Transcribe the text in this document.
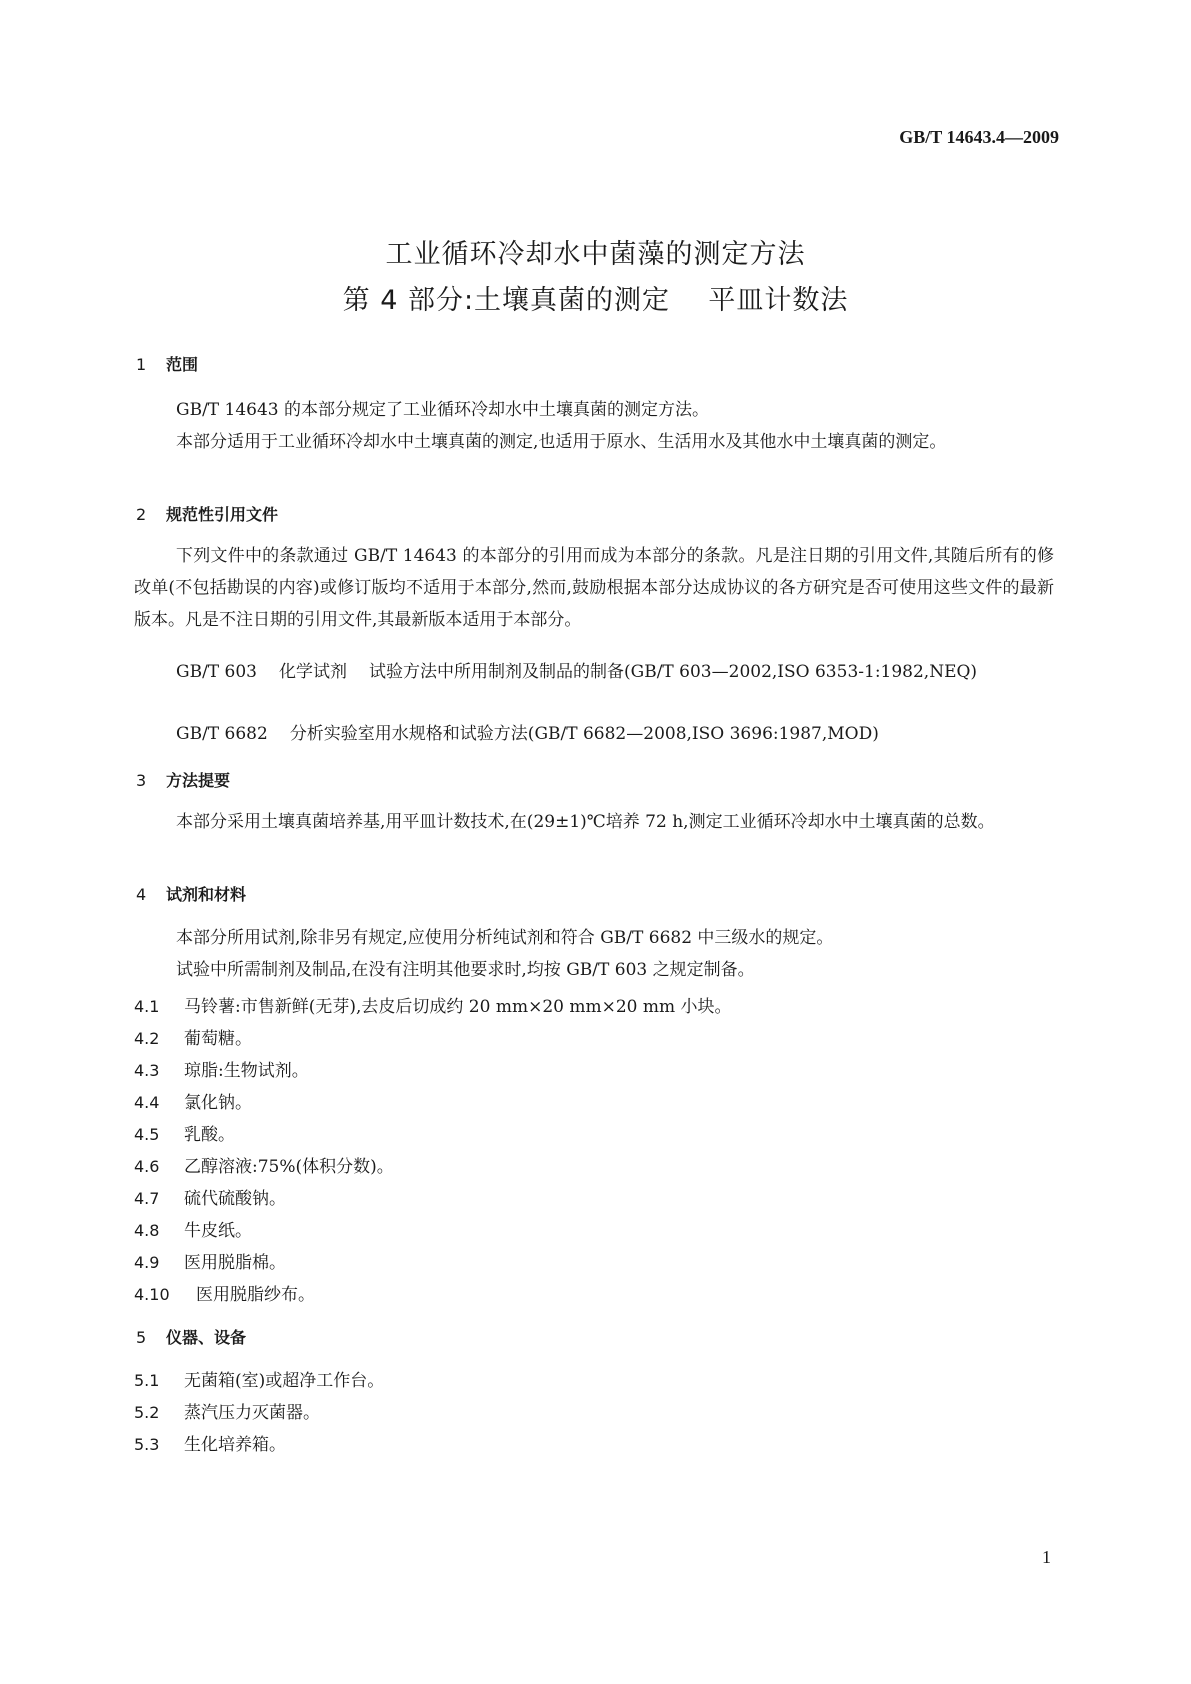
GB/T 14643.4—2009
工业循环冷却水中菌藻的测定方法
第 4 部分:土壤真菌的测定    平皿计数法
1 范围
GB/T 14643 的本部分规定了工业循环冷却水中土壤真菌的测定方法。
本部分适用于工业循环冷却水中土壤真菌的测定,也适用于原水、生活用水及其他水中土壤真菌的测定。
2 规范性引用文件
下列文件中的条款通过 GB/T 14643 的本部分的引用而成为本部分的条款。凡是注日期的引用文件,其随后所有的修改单(不包括勘误的内容)或修订版均不适用于本部分,然而,鼓励根据本部分达成协议的各方研究是否可使用这些文件的最新版本。凡是不注日期的引用文件,其最新版本适用于本部分。
GB/T 603 化学试剂 试验方法中所用制剂及制品的制备(GB/T 603—2002,ISO 6353-1:1982,NEQ)
GB/T 6682 分析实验室用水规格和试验方法(GB/T 6682—2008,ISO 3696:1987,MOD)
3 方法提要
本部分采用土壤真菌培养基,用平皿计数技术,在(29±1)℃培养 72 h,测定工业循环冷却水中土壤真菌的总数。
4 试剂和材料
本部分所用试剂,除非另有规定,应使用分析纯试剂和符合 GB/T 6682 中三级水的规定。
试验中所需制剂及制品,在没有注明其他要求时,均按 GB/T 603 之规定制备。
4.1 马铃薯:市售新鲜(无芽),去皮后切成约 20 mm×20 mm×20 mm 小块。
4.2 葡萄糖。
4.3 琼脂:生物试剂。
4.4 氯化钠。
4.5 乳酸。
4.6 乙醇溶液:75%(体积分数)。
4.7 硫代硫酸钠。
4.8 牛皮纸。
4.9 医用脱脂棉。
4.10 医用脱脂纱布。
5 仪器、设备
5.1 无菌箱(室)或超净工作台。
5.2 蒸汽压力灭菌器。
5.3 生化培养箱。
1
